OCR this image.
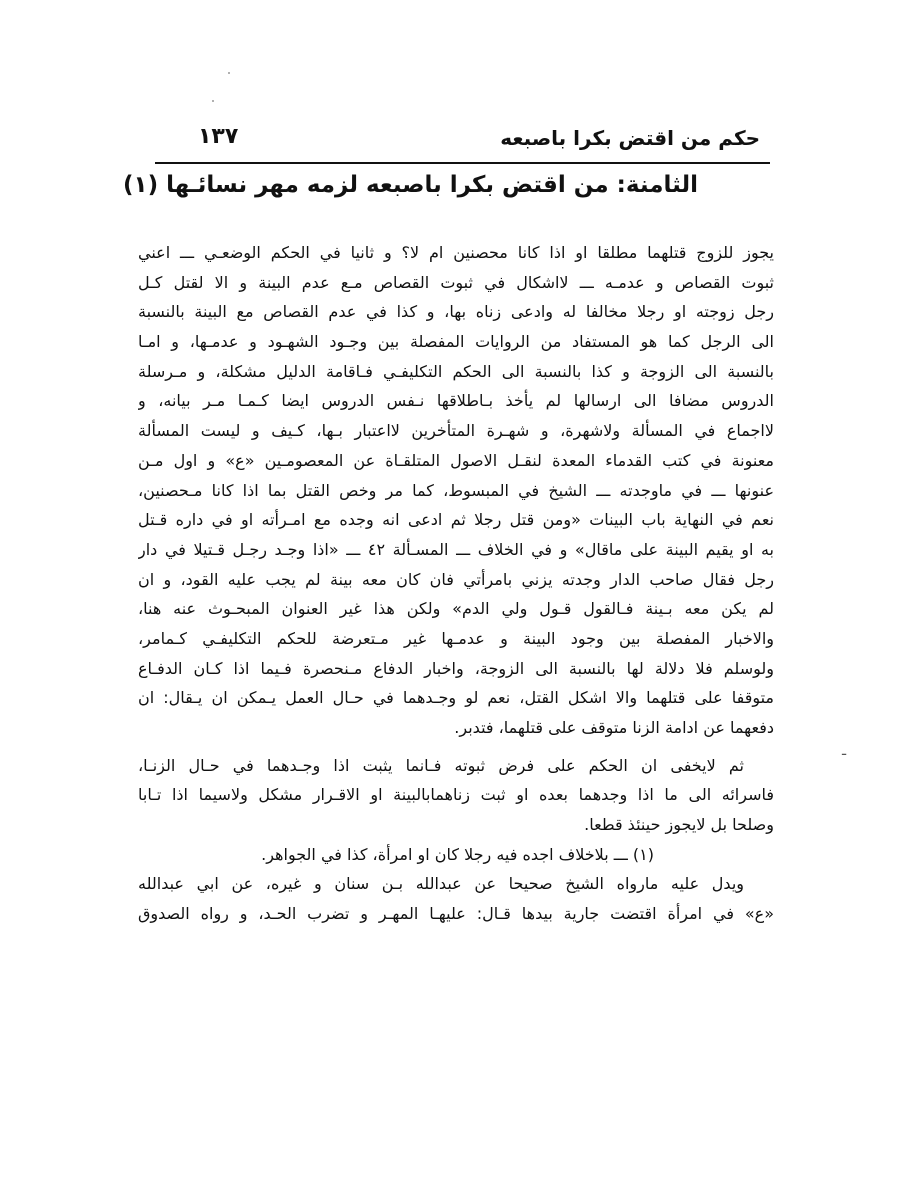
حكم من اقتض بكرا باصبعه
١٣٧
الثامنة: من اقتض بكرا باصبعه لزمه مهر نسائـها (١)
يجوز للزوج قتلهما مطلقا او اذا كانا محصنين ام لا؟ و ثانيا في الحكم الوضعـي ـــ اعني
ثبوت القصاص و عدمـه ـــ لااشكال في ثبوت القصاص مـع عدم البينة و الا لقتل كـل
رجل زوجته او رجلا مخالفا له وادعى زناه بها، و كذا في عدم القصاص مع البينة بالنسبة
الى الرجل كما هو المستفاد من الروايات المفصلة بين وجـود الشهـود و عدمـها، و امـا
بالنسبة الى الزوجة و كذا بالنسبة الى الحكم التكليفـي فـاقامة الدليل مشكلة، و مـرسلة
الدروس مضافا الى ارسالها لم يأخذ بـاطلاقها نـفس الدروس ايضا كـمـا مـر بيانه، و
لااجماع في المسألة ولاشهرة، و شهـرة المتأخرين لااعتبار بـها، كـيف و ليست المسألة
معنونة في كتب القدماء المعدة لنقـل الاصول المتلقـاة عن المعصومـين «ع» و اول مـن
عنونها ـــ في ماوجدته ـــ الشيخ في المبسوط، كما مر وخص القتل بما اذا كانا مـحصنين،
نعم في النهاية باب البينات «ومن قتل رجلا ثم ادعى انه وجده مع امـرأته او في داره قـتل
به او يقيم البينة على ماقال» و في الخلاف ـــ المسـألة ٤٢ ـــ «اذا وجـد رجـل قـتيلا في دار
رجل فقال صاحب الدار وجدته يزني بامرأتي فان كان معه بينة لم يجب عليه القود، و ان
لم يكن معه بـينة فـالقول قـول ولي الدم» ولكن هذا غير العنوان المبحـوث عنه هنا،
والاخبار المفصلة بين وجود البينة و عدمـها غير مـتعرضة للحكم التكليفـي كـمامر،
ولوسلم فلا دلالة لها بالنسبة الى الزوجة، واخبار الدفاع مـنحصرة فـيما اذا كـان الدفـاع
متوقفا على قتلهما والا اشكل القتل، نعم لو وجـدهما في حـال العمل يـمكن ان يـقال: ان
دفعهما عن ادامة الزنا متوقف على قتلهما، فتدبر.
ثم لايخفى ان الحكم على فرض ثبوته فـانما يثبت اذا وجـدهما في حـال الزنـا،
فاسرائه الى ما اذا وجدهما بعده او ثبت زناهمابالبينة او الاقـرار مشكل ولاسيما اذا تـابا
وصلحا بل لايجوز حينئذ قطعا.
(١) ـــ بلاخلاف اجده فيه رجلا كان او امرأة، كذا في الجواهر.
ويدل عليه مارواه الشيخ صحيحا عن عبدالله بـن سنان و غيره، عن ابي عبدالله
«ع» في امرأة اقتضت جارية بيدها قـال: عليهـا المهـر و تضرب الحـد، و رواه الصدوق
ـ
